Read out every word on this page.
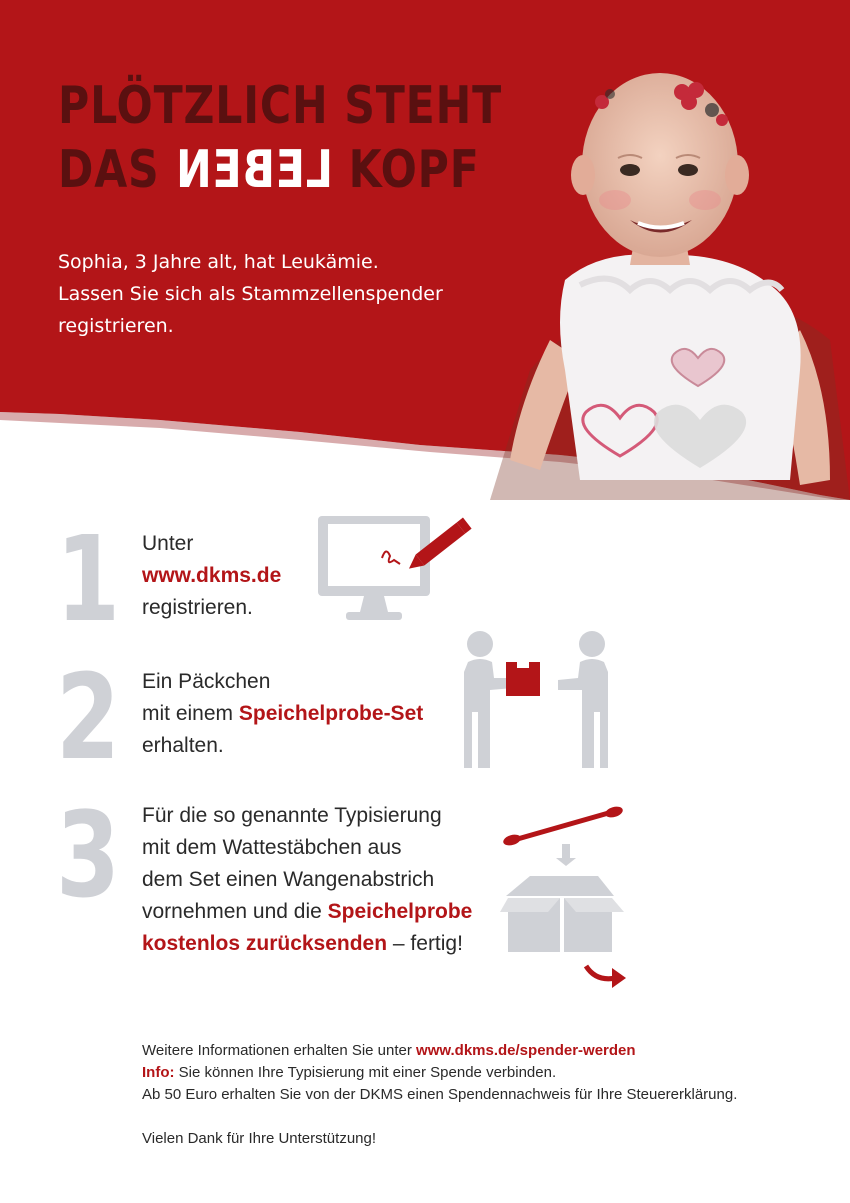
PLÖTZLICH STEHT
DAS LEBEN KOPF
Sophia, 3 Jahre alt, hat Leukämie.
Lassen Sie sich als Stammzellenspender
registrieren.
1 Unter
www.dkms.de
registrieren.
2 Ein Päckchen
mit einem Speichelprobe-Set
erhalten.
3 Für die so genannte Typisierung
mit dem Wattestäbchen aus
dem Set einen Wangenabstrich
vornehmen und die Speichelprobe
kostenlos zurücksenden – fertig!
Weitere Informationen erhalten Sie unter www.dkms.de/spender-werden
Info: Sie können Ihre Typisierung mit einer Spende verbinden.
Ab 50 Euro erhalten Sie von der DKMS einen Spendennachweis für Ihre Steuererklärung.
Vielen Dank für Ihre Unterstützung!
